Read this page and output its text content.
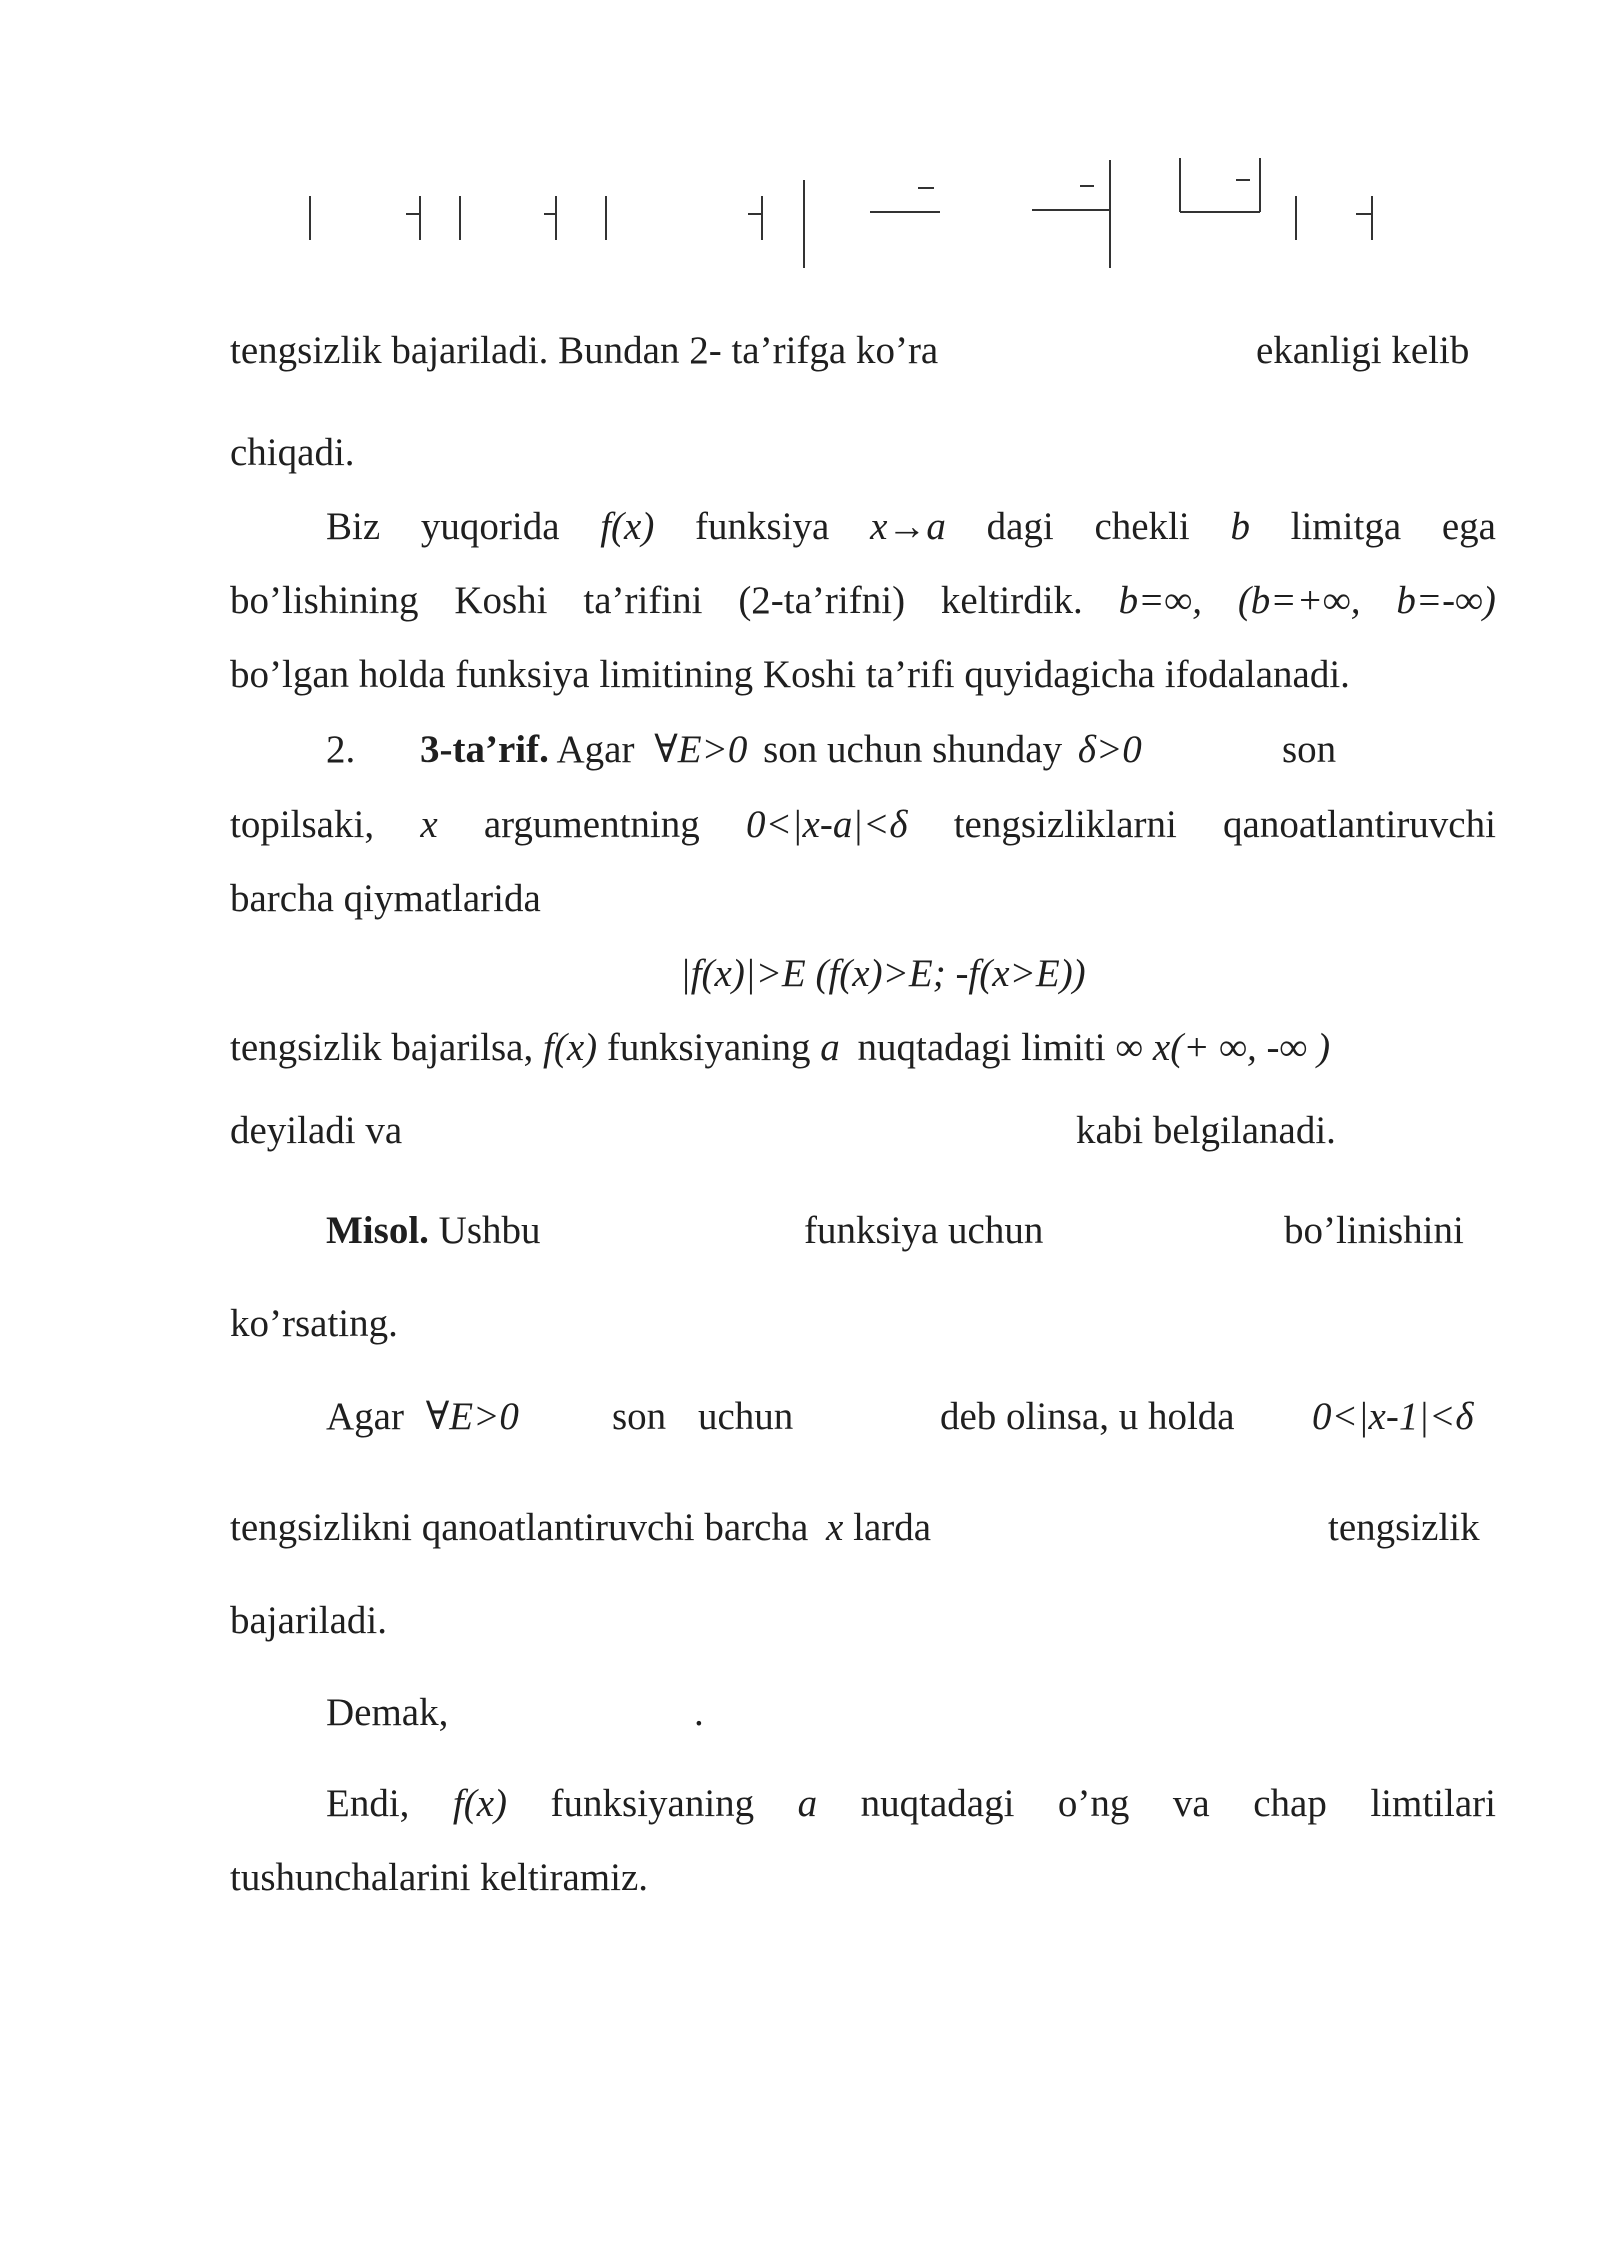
tengsizlik bajariladi. Bundan 2- ta’rifga ko’ra	ekanligi kelib
chiqadi.
Biz yuqorida f(x) funksiya x→a dagi chekli b limitga ega
bo’lishining Koshi ta’rifini (2-ta’rifni) keltirdik. b=∞, (b=+∞, b=-∞)
bo’lgan holda funksiya limitining Koshi ta’rifi quyidagicha ifodalanadi.
2. 3-ta’rif. Agar ∀E>0 son uchun shunday δ>0	son
topilsaki, x argumentning 0<|x-a|<δ tengsizliklarni qanoatlantiruvchi
barcha qiymatlarida
|f(x)|>E (f(x)>E; -f(x>E))
tengsizlik bajarilsa, f(x) funksiyaning a nuqtadagi limiti ∞ x(+ ∞, -∞ )
deyiladi va	kabi belgilanadi.
Misol. Ushbu	funksiya uchun	bo’linishini
ko’rsating.
Agar ∀E>0 son uchun	deb olinsa, u holda 0<|x-1|<δ
tengsizlikni qanoatlantiruvchi barcha x larda	tengsizlik
bajariladi.
Demak,	.
Endi, f(x) funksiyaning a nuqtadagi o’ng va chap limtilari
tushunchalarini keltiramiz.
